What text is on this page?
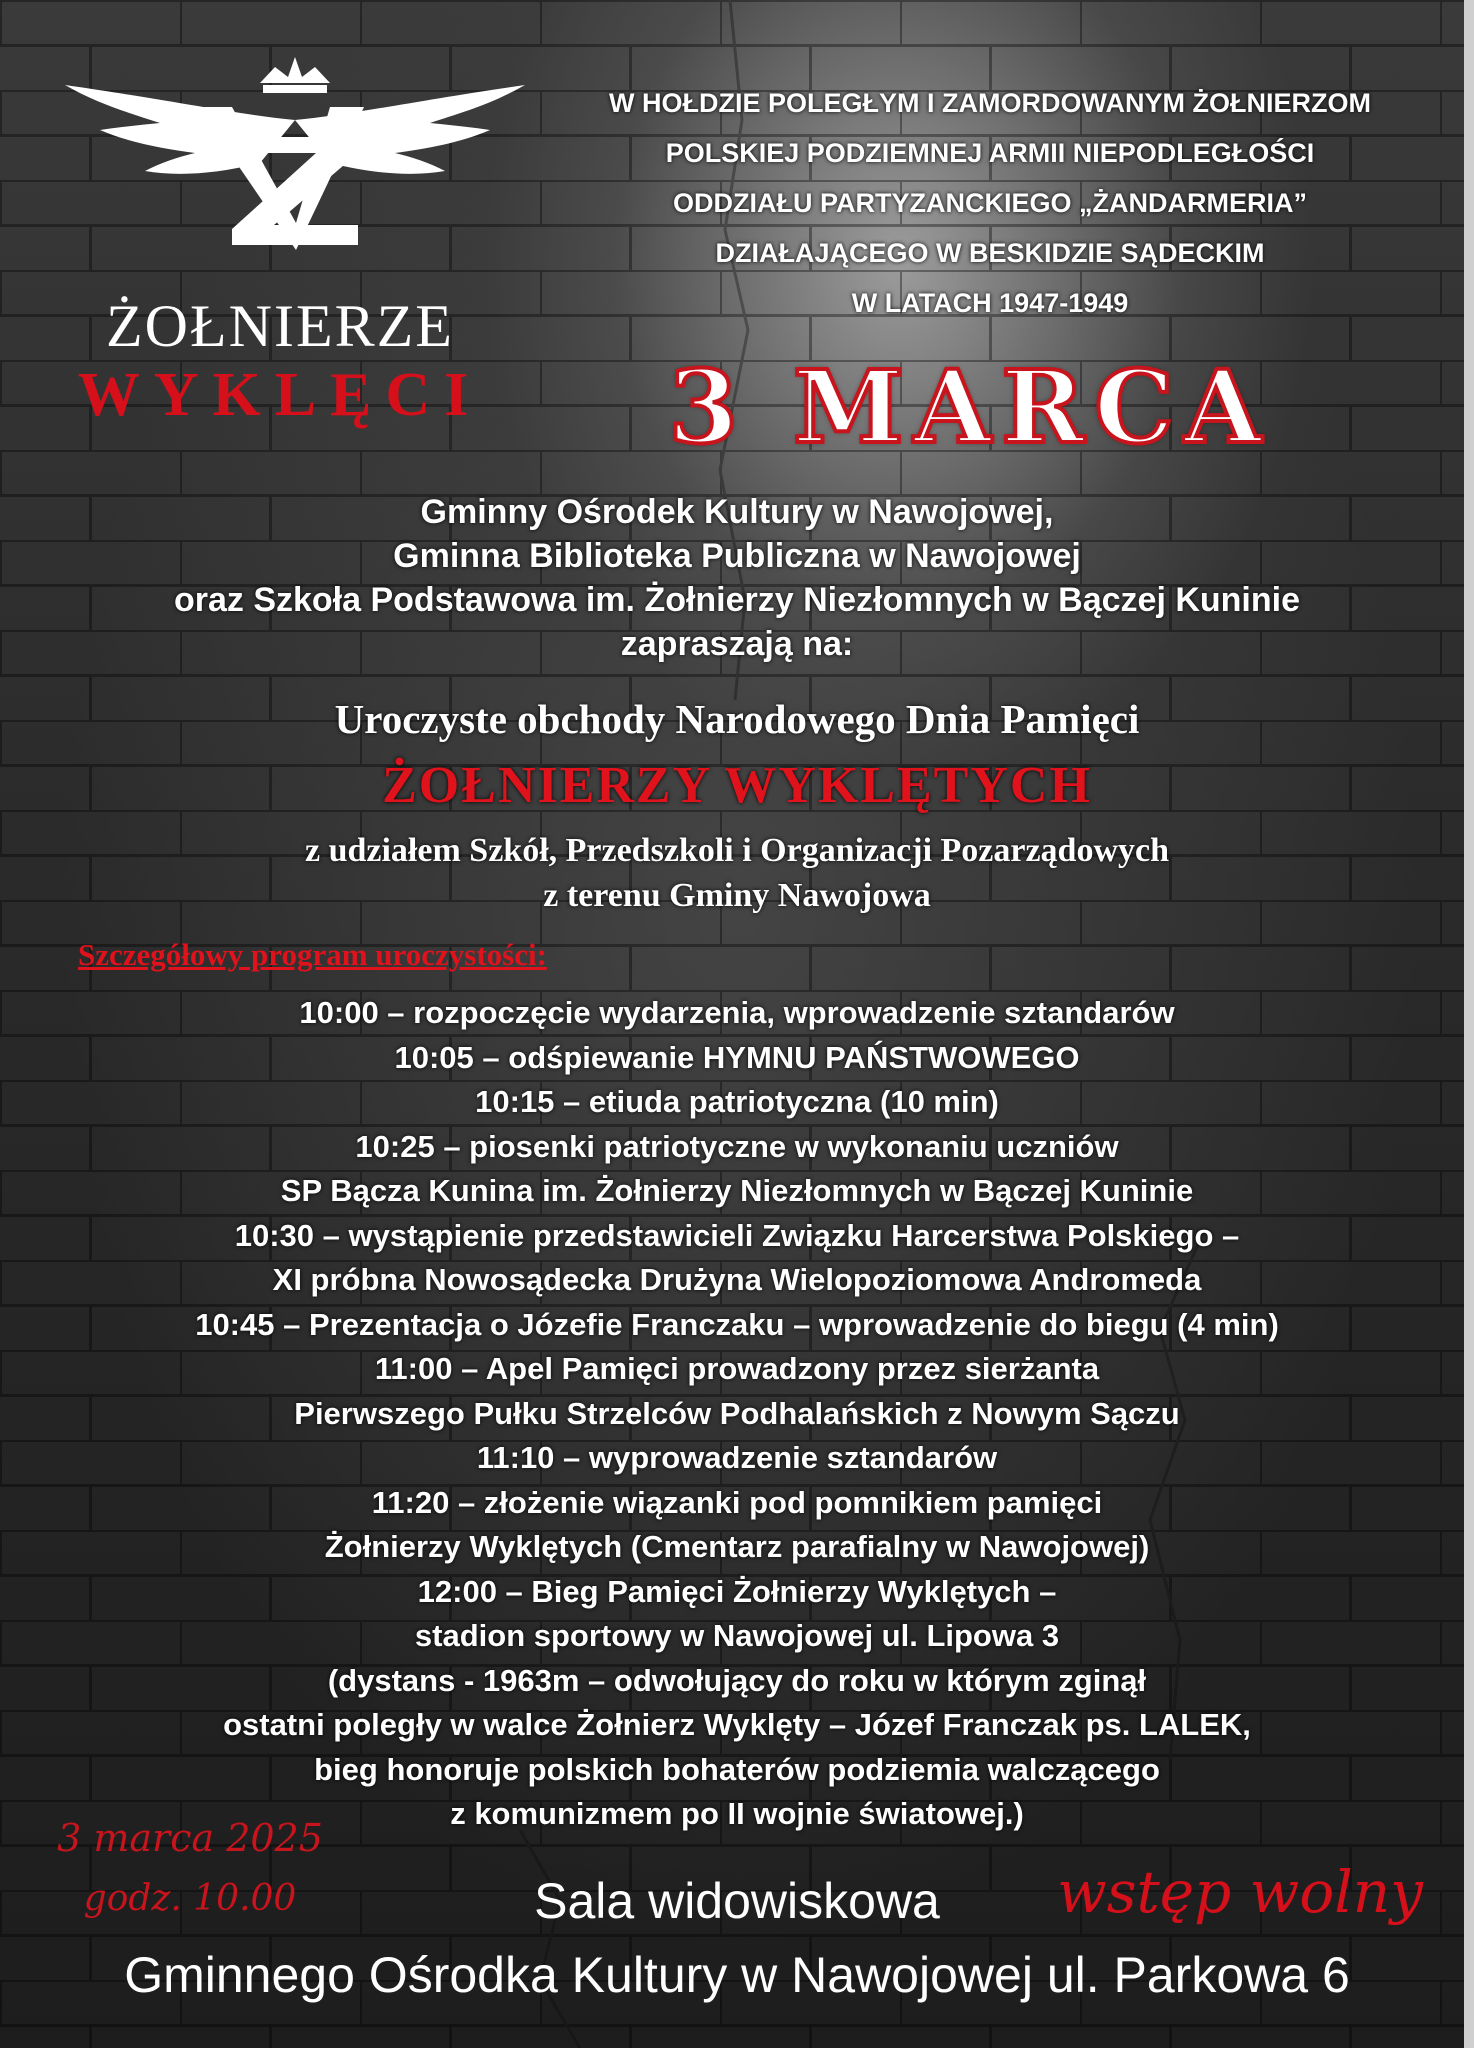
ŻOŁNIERZE
WYKLĘCI
W HOŁDZIE POLEGŁYM I ZAMORDOWANYM ŻOŁNIERZOM
POLSKIEJ PODZIEMNEJ ARMII NIEPODLEGŁOŚCI
ODDZIAŁU PARTYZANCKIEGO „ŻANDARMERIA”
DZIAŁAJĄCEGO W BESKIDZIE SĄDECKIM
W LATACH 1947-1949
3 MARCA
Gminny Ośrodek Kultury w Nawojowej,
Gminna Biblioteka Publiczna w Nawojowej
oraz Szkoła Podstawowa im. Żołnierzy Niezłomnych w Bączej Kuninie
zapraszają na:
Uroczyste obchody Narodowego Dnia Pamięci
ŻOŁNIERZY WYKLĘTYCH
z udziałem Szkół, Przedszkoli i Organizacji Pozarządowych
z terenu Gminy Nawojowa
Szczegółowy program uroczystości:
10:00 – rozpoczęcie wydarzenia, wprowadzenie sztandarów
10:05 – odśpiewanie HYMNU PAŃSTWOWEGO
10:15 – etiuda patriotyczna (10 min)
10:25 – piosenki patriotyczne w wykonaniu uczniów
SP Bącza Kunina im. Żołnierzy Niezłomnych w Bączej Kuninie
10:30 – wystąpienie przedstawicieli Związku Harcerstwa Polskiego –
XI próbna Nowosądecka Drużyna Wielopoziomowa Andromeda
10:45 – Prezentacja o Józefie Franczaku – wprowadzenie do biegu (4 min)
11:00 – Apel Pamięci prowadzony przez sierżanta
Pierwszego Pułku Strzelców Podhalańskich z Nowym Sączu
11:10 – wyprowadzenie sztandarów
11:20 – złożenie wiązanki pod pomnikiem pamięci
Żołnierzy Wyklętych (Cmentarz parafialny w Nawojowej)
12:00 – Bieg Pamięci Żołnierzy Wyklętych –
stadion sportowy w Nawojowej ul. Lipowa 3
(dystans - 1963m – odwołujący do roku w którym zginął
ostatni poległy w walce Żołnierz Wyklęty – Józef Franczak ps. LALEK,
bieg honoruje polskich bohaterów podziemia walczącego
z komunizmem po II wojnie światowej.)
3 marca 2025
godz. 10.00	Sala widowiskowa	wstęp wolny
Gminnego Ośrodka Kultury w Nawojowej ul. Parkowa 6
